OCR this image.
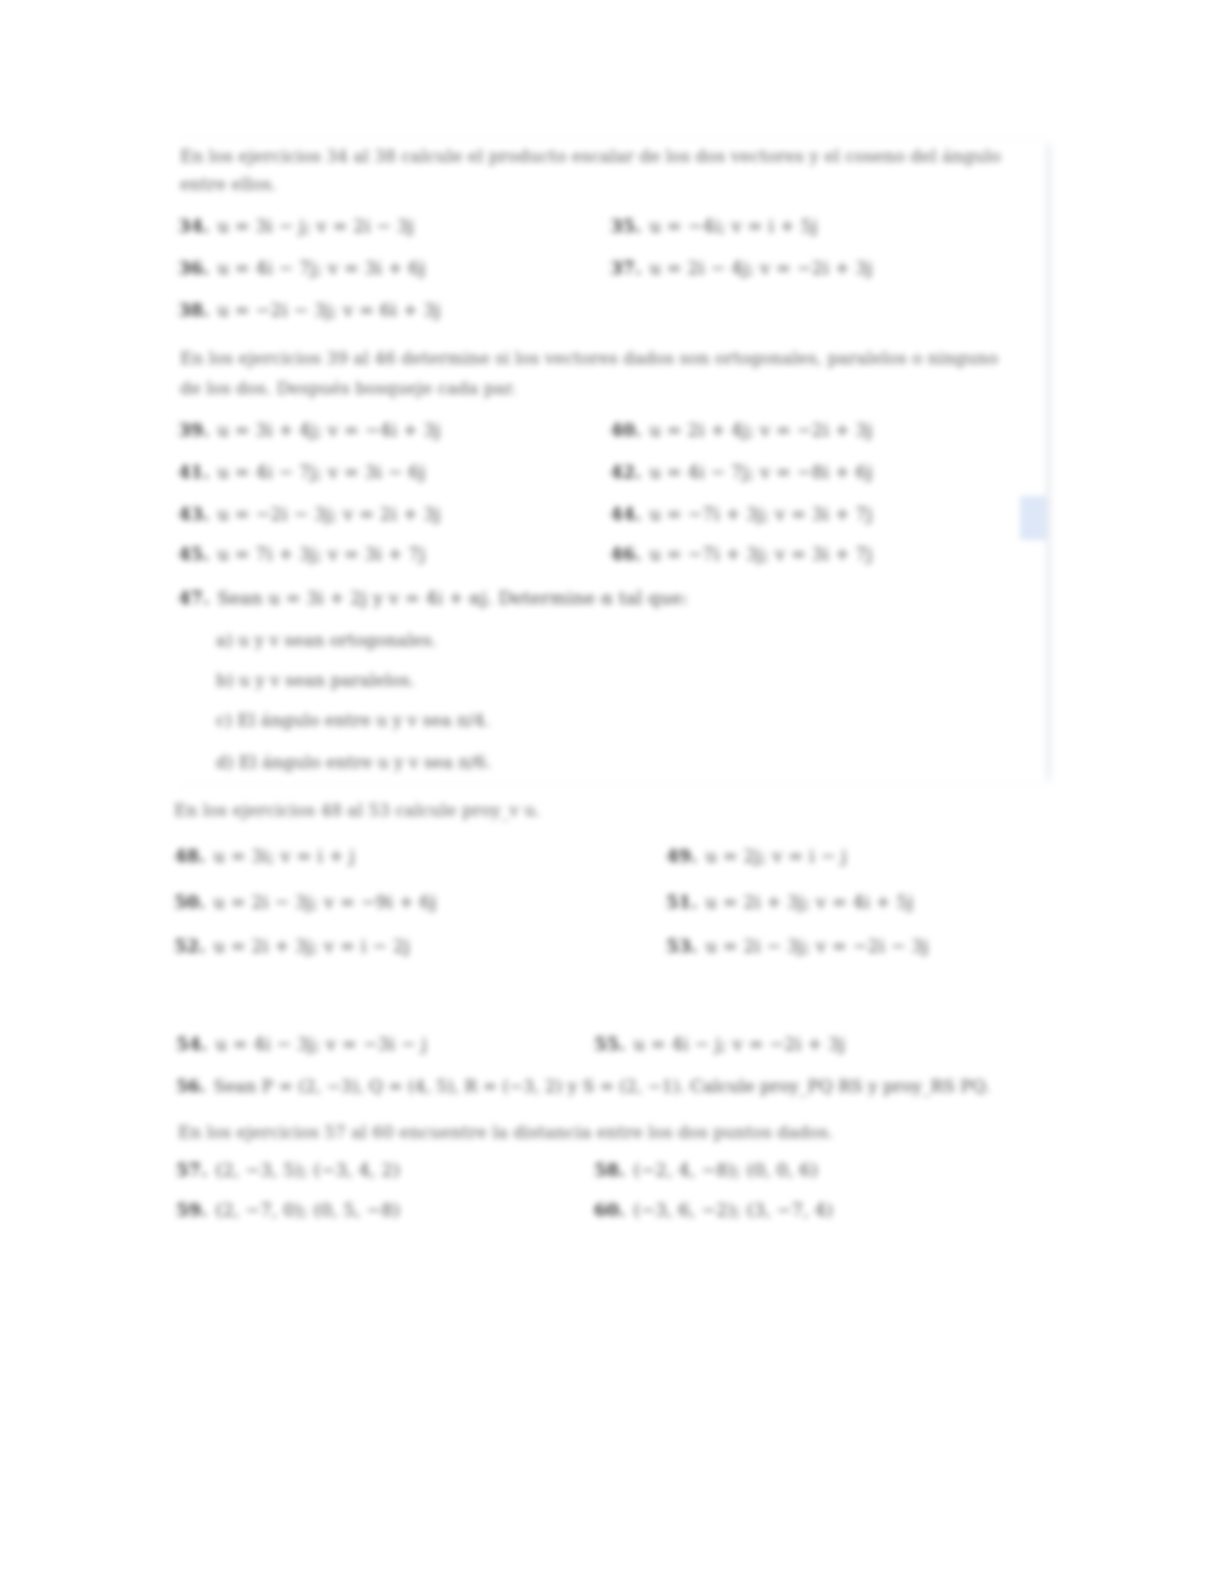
En los ejercicios 34 al 38 calcule el producto escalar de los dos vectores y el coseno del ángulo
entre ellos.
34. u = 3i − j; v = 2i − 3j	35. u = −4i; v = i + 5j
36. u = 4i − 7j; v = 3i + 6j	37. u = 2i − 4j; v = −2i + 3j
38. u = −2i − 3j; v = 6i + 3j
En los ejercicios 39 al 46 determine si los vectores dados son ortogonales, paralelos o ninguno
de los dos. Después bosqueje cada par.
39. u = 3i + 4j; v = −4i + 3j	40. u = 2i + 4j; v = −2i + 3j
41. u = 4i − 7j; v = 3i − 6j	42. u = 4i − 7j; v = −8i + 6j
43. u = −2i − 3j; v = 2i + 3j	44. u = −7i + 3j; v = 3i + 7j
45. u = 7i + 3j; v = 3i + 7j	46. u = −7i + 3j; v = 3i + 7j
47. Sean u = 3i + 2j y v = 4i + αj. Determine α tal que:
a) u y v sean ortogonales.
b) u y v sean paralelos.
c) El ángulo entre u y v sea π/4.
d) El ángulo entre u y v sea π/6.
En los ejercicios 48 al 53 calcule proy_v u.
48. u = 3i; v = i + j	49. u = 2j; v = i − j
50. u = 2i − 3j; v = −9i + 6j	51. u = 2i + 3j; v = 4i + 5j
52. u = 2i + 3j; v = i − 2j	53. u = 2i − 3j; v = −2i − 3j
54. u = 4i − 3j; v = −3i − j	55. u = 4i − j; v = −2i + 3j
56. Sean P = (2, −3), Q = (4, 5), R = (−3, 2) y S = (2, −1). Calcule proy_PQ RS y proy_RS PQ.
En los ejercicios 57 al 60 encuentre la distancia entre los dos puntos dados.
57. (2, −3, 5); (−3, 4, 2)	58. (−2, 4, −8); (0, 0, 6)
59. (2, −7, 0); (0, 5, −8)	60. (−3, 6, −2); (3, −7, 4)
